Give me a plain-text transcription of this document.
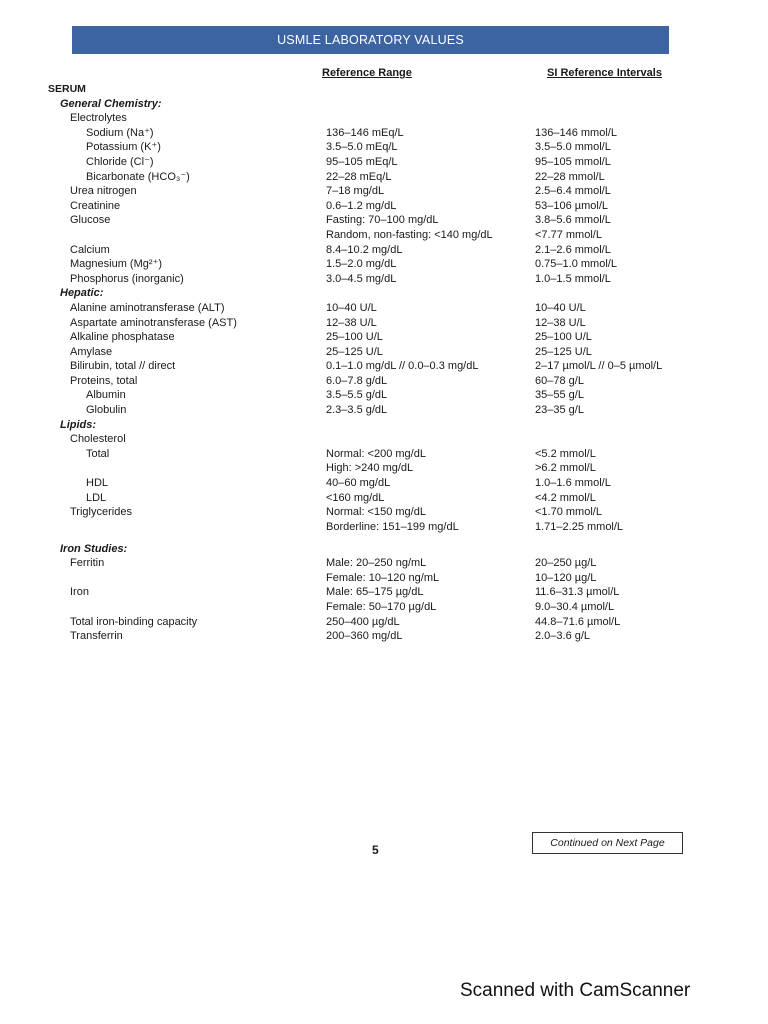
USMLE LABORATORY VALUES
Reference Range	SI Reference Intervals
SERUM
General Chemistry:
Electrolytes
Sodium (Na⁺)	136–146 mEq/L	136–146 mmol/L
Potassium (K⁺)	3.5–5.0 mEq/L	3.5–5.0 mmol/L
Chloride (Cl⁻)	95–105 mEq/L	95–105 mmol/L
Bicarbonate (HCO₃⁻)	22–28 mEq/L	22–28 mmol/L
Urea nitrogen	7–18 mg/dL	2.5–6.4 mmol/L
Creatinine	0.6–1.2 mg/dL	53–106 µmol/L
Glucose	Fasting: 70–100 mg/dL	3.8–5.6 mmol/L
Random, non-fasting: <140 mg/dL	<7.77 mmol/L
Calcium	8.4–10.2 mg/dL	2.1–2.6 mmol/L
Magnesium (Mg²⁺)	1.5–2.0 mg/dL	0.75–1.0 mmol/L
Phosphorus (inorganic)	3.0–4.5 mg/dL	1.0–1.5 mmol/L
Hepatic:
Alanine aminotransferase (ALT)	10–40 U/L	10–40 U/L
Aspartate aminotransferase (AST)	12–38 U/L	12–38 U/L
Alkaline phosphatase	25–100 U/L	25–100 U/L
Amylase	25–125 U/L	25–125 U/L
Bilirubin, total // direct	0.1–1.0 mg/dL // 0.0–0.3 mg/dL	2–17 µmol/L // 0–5 µmol/L
Proteins, total	6.0–7.8 g/dL	60–78 g/L
Albumin	3.5–5.5 g/dL	35–55 g/L
Globulin	2.3–3.5 g/dL	23–35 g/L
Lipids:
Cholesterol
Total	Normal: <200 mg/dL	<5.2 mmol/L
High: >240 mg/dL	>6.2 mmol/L
HDL	40–60 mg/dL	1.0–1.6 mmol/L
LDL	<160 mg/dL	<4.2 mmol/L
Triglycerides	Normal: <150 mg/dL	<1.70 mmol/L
Borderline: 151–199 mg/dL	1.71–2.25 mmol/L
Iron Studies:
Ferritin	Male: 20–250 ng/mL	20–250 µg/L
Female: 10–120 ng/mL	10–120 µg/L
Iron	Male: 65–175 µg/dL	11.6–31.3 µmol/L
Female: 50–170 µg/dL	9.0–30.4 µmol/L
Total iron-binding capacity	250–400 µg/dL	44.8–71.6 µmol/L
Transferrin	200–360 mg/dL	2.0–3.6 g/L
5	Continued on Next Page
Scanned with CamScanner
